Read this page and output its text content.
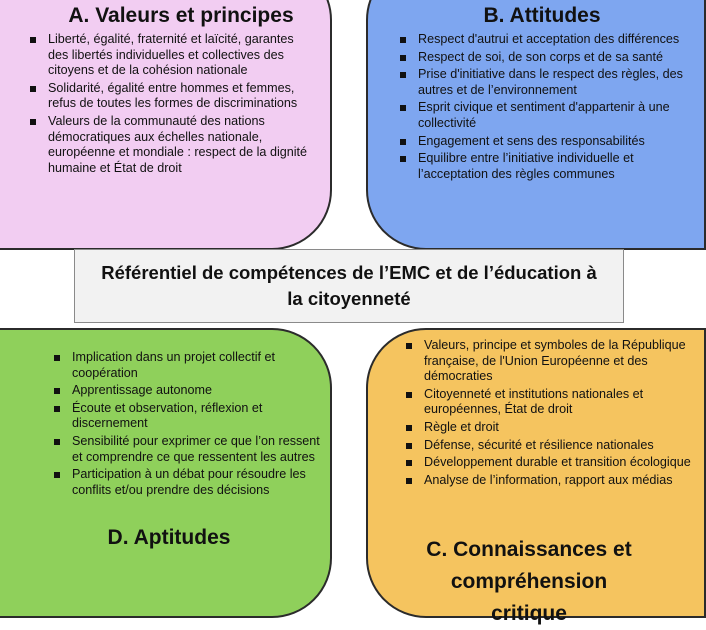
A. Valeurs et principes
Liberté, égalité, fraternité et laïcité, garantes des libertés individuelles et collectives des citoyens et de la cohésion nationale
Solidarité, égalité entre hommes et femmes, refus de toutes les formes de discriminations
Valeurs de la communauté des nations démocratiques aux échelles nationale, européenne et mondiale : respect de la dignité humaine et État de droit
B. Attitudes
Respect d'autrui et acceptation des différences
Respect de soi, de son corps et de sa santé
Prise d'initiative dans le respect des règles, des autres et de l’environnement
Esprit civique et sentiment d'appartenir à une collectivité
Engagement et sens des responsabilités
Equilibre entre l’initiative individuelle et l’acceptation des règles communes
Implication dans un projet collectif et coopération
Apprentissage autonome
Écoute et observation, réflexion et discernement
Sensibilité pour exprimer ce que l’on ressent et comprendre ce que ressentent les autres
Participation à un débat pour résoudre les conflits et/ou prendre des décisions
D. Aptitudes
Valeurs, principe et symboles de la République française, de l'Union Européenne et des démocraties
Citoyenneté et institutions nationales et européennes, État de droit
Règle et droit
Défense, sécurité et résilience nationales
Développement durable et transition écologique
Analyse de l’information, rapport aux médias
C. Connaissances et compréhension critique
Référentiel de compétences de l’EMC et de l’éducation à la citoyenneté
